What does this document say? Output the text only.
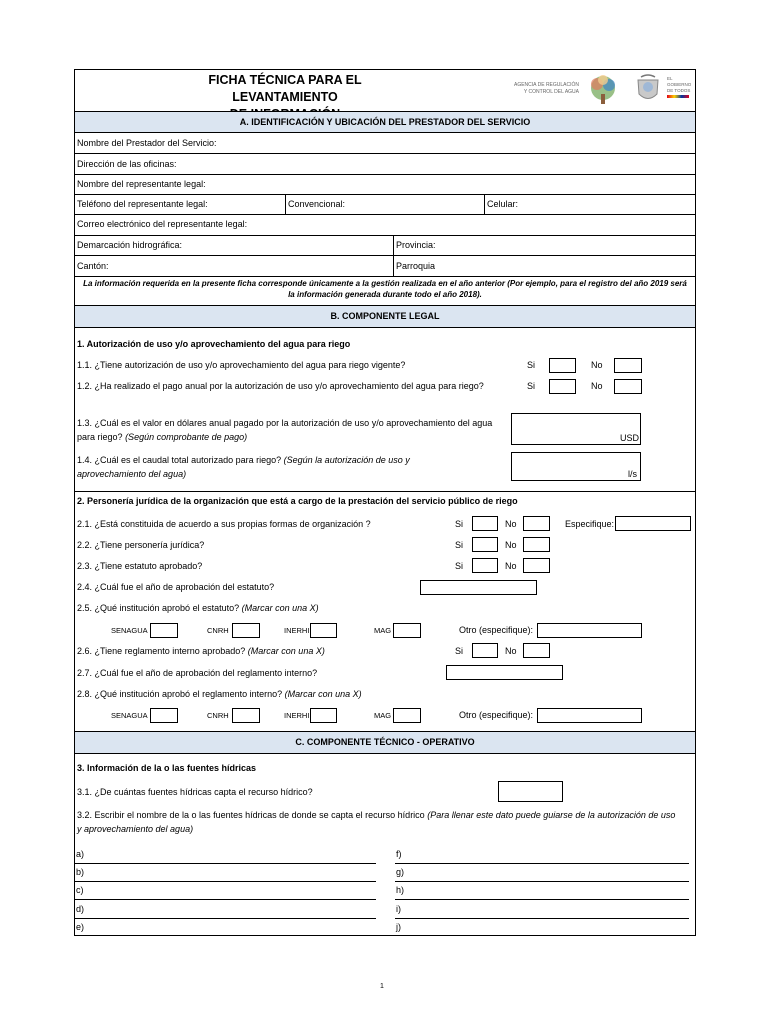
FICHA TÉCNICA PARA EL LEVANTAMIENTO
AGENCIA DE REGULACIÓN
Y CONTROL DEL AGUA
EL
GOBIERNO
DE TODOS
A. IDENTIFICACIÓN Y UBICACIÓN DEL PRESTADOR DEL SERVICIO
Nombre del Prestador del Servicio:
Dirección de las oficinas:
Nombre del representante legal:
Teléfono del representante legal:	Convencional:	Celular:
Correo electrónico del representante legal:
Demarcación hidrográfica:	Provincia:
Cantón:	Parroquia
La información requerida en la presente ficha corresponde únicamente a la gestión realizada en el año anterior (Por ejemplo, para el registro del año 2019 será la información generada durante todo el año 2018).
B. COMPONENTE LEGAL
1. Autorización de uso y/o aprovechamiento del agua para riego
1.1. ¿Tiene autorización de uso y/o aprovechamiento del agua para riego vigente?	Si	No
1.2. ¿Ha realizado el pago anual por la autorización de uso y/o aprovechamiento del agua para riego?	Si	No
1.3. ¿Cuál es el valor en dólares anual pagado por la autorización de uso y/o aprovechamiento del agua para riego? (Según comprobante de pago)	USD
1.4. ¿Cuál es el caudal total autorizado para riego? (Según la autorización de uso y aprovechamiento del agua)	l/s
2. Personería jurídica de la organización que está a cargo de la prestación del servicio público de riego
2.1. ¿Está constituida de acuerdo a sus propias formas de organización ?	Si	No	Especifique:
2.2. ¿Tiene personería jurídica?	Si	No
2.3. ¿Tiene estatuto aprobado?	Si	No
2.4. ¿Cuál fue el año de aprobación del estatuto?
2.5. ¿Qué institución aprobó el estatuto? (Marcar con una X)
SENAGUA	CNRH	INERHI	MAG	Otro (especifique):
2.6. ¿Tiene reglamento interno aprobado? (Marcar con una X)	Si	No
2.7. ¿Cuál fue el año de aprobación del reglamento interno?
2.8. ¿Qué institución aprobó el reglamento interno? (Marcar con una X)
SENAGUA	CNRH	INERHI	MAG	Otro (especifique):
C. COMPONENTE TÉCNICO - OPERATIVO
3. Información de la o las fuentes hídricas
3.1. ¿De cuántas fuentes hídricas capta el recurso hídrico?
3.2. Escribir el nombre de la o las fuentes hídricas de donde se capta el recurso hídrico (Para llenar este dato puede guiarse de la autorización de uso y aprovechamiento del agua)
a)
b)
c)
d)
e)
f)
g)
h)
i)
j)
1
